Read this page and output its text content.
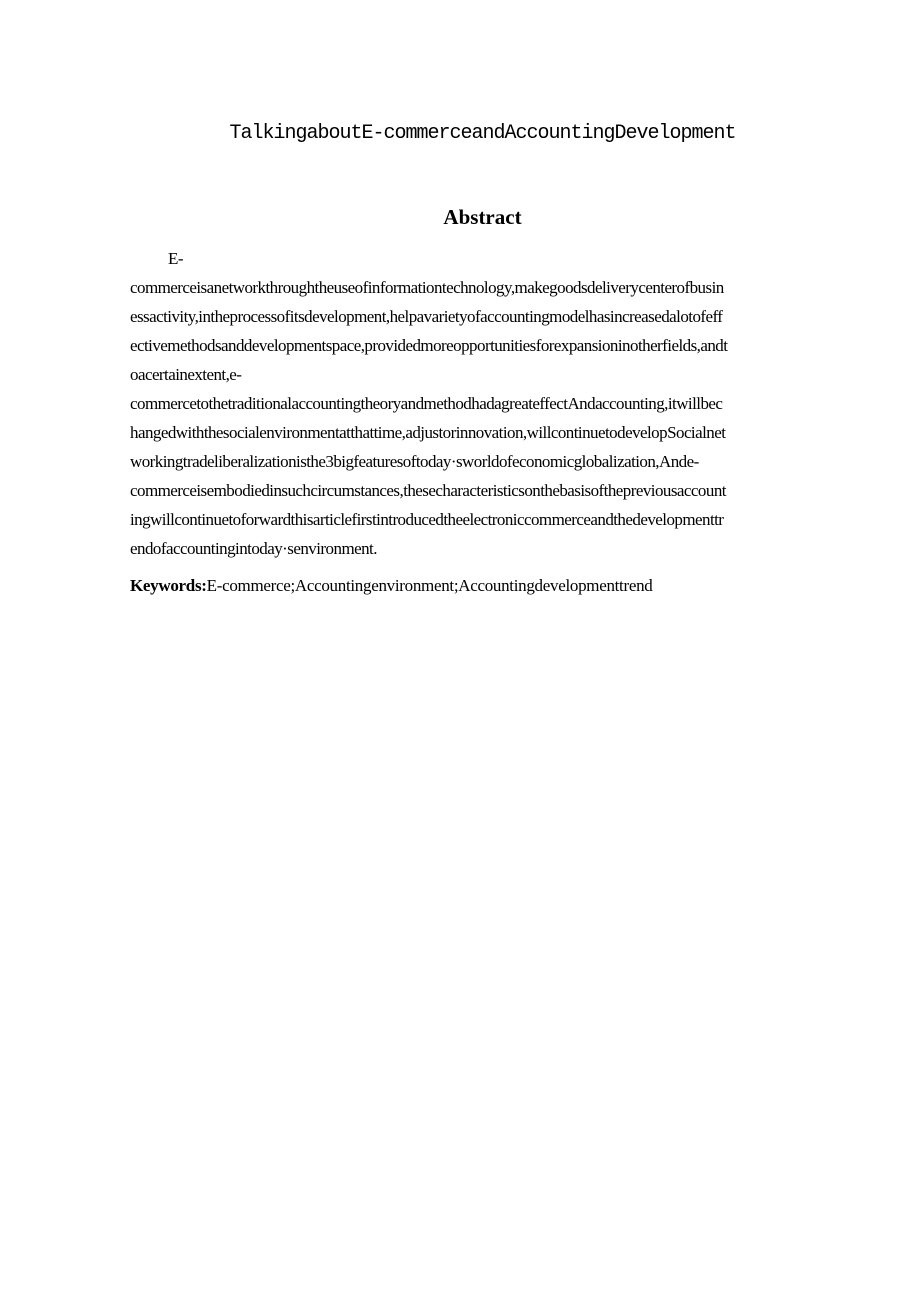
TalkingaboutE-commerceandAccountingDevelopment
Abstract
E-
commerceisanetworkthroughtheuseofinformationtechnology,makegoodsdeliverycenterofbusin
essactivity,intheprocessofitsdevelopment,helpavarietyofaccountingmodelhasincreasedalotofeff
ectivemethodsanddevelopmentspace,providedmoreopportunitiesforexpansioninotherfields,andt
oacertainextent,e-
commercetothetraditionalaccountingtheoryandmethodhadagreateffectAndaccounting,itwillbec
hangedwiththesocialenvironmentatthattime,adjustorinnovation,willcontinuetodevelopSocialnet
workingtradeliberalizationisthe3bigfeaturesoftoday·sworldofeconomicglobalization,Ande-
commerceisembodiedinsuchcircumstances,thesecharacteristicsonthebasisofthepreviousaccount
ingwillcontinuetoforwardthisarticlefirstintroducedtheelectroniccommerceandthedevelopmenttr
endofaccountingintoday·senvironment.
Keywords:E-commerce;Accountingenvironment;Accountingdevelopmenttrend
